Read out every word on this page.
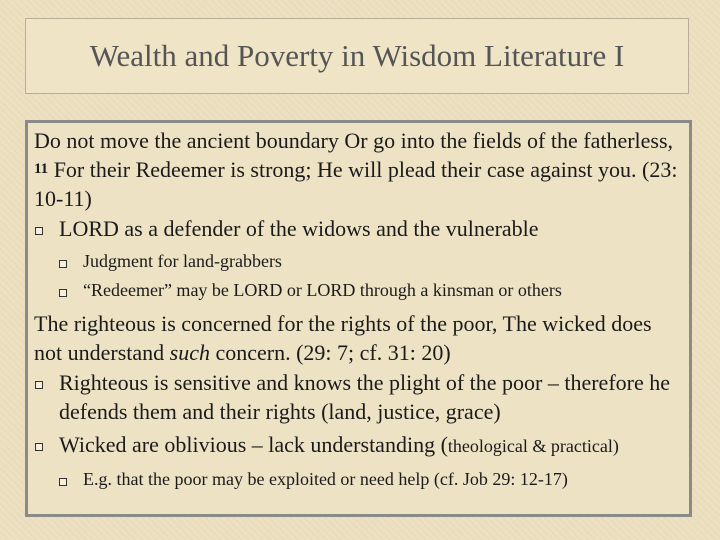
Wealth and Poverty in Wisdom Literature I

Do not move the ancient boundary Or go into the fields of the fatherless, $^{11}$ For their Redeemer is strong; He will plead their case against you. (23: 10-11)

LORD as a defender of the widows and the vulnerable
Judgment for land-grabbers
“Redeemer” may be LORD or LORD through a kinsman or others

The righteous is concerned for the rights of the poor, The wicked does not understand such concern. (29: 7; cf. 31: 20)

Righteous is sensitive and knows the plight of the poor – therefore he defends them and their rights (land, justice, grace)
Wicked are oblivious – lack understanding (theological & practical)
E.g. that the poor may be exploited or need help (cf. Job 29: 12-17)
